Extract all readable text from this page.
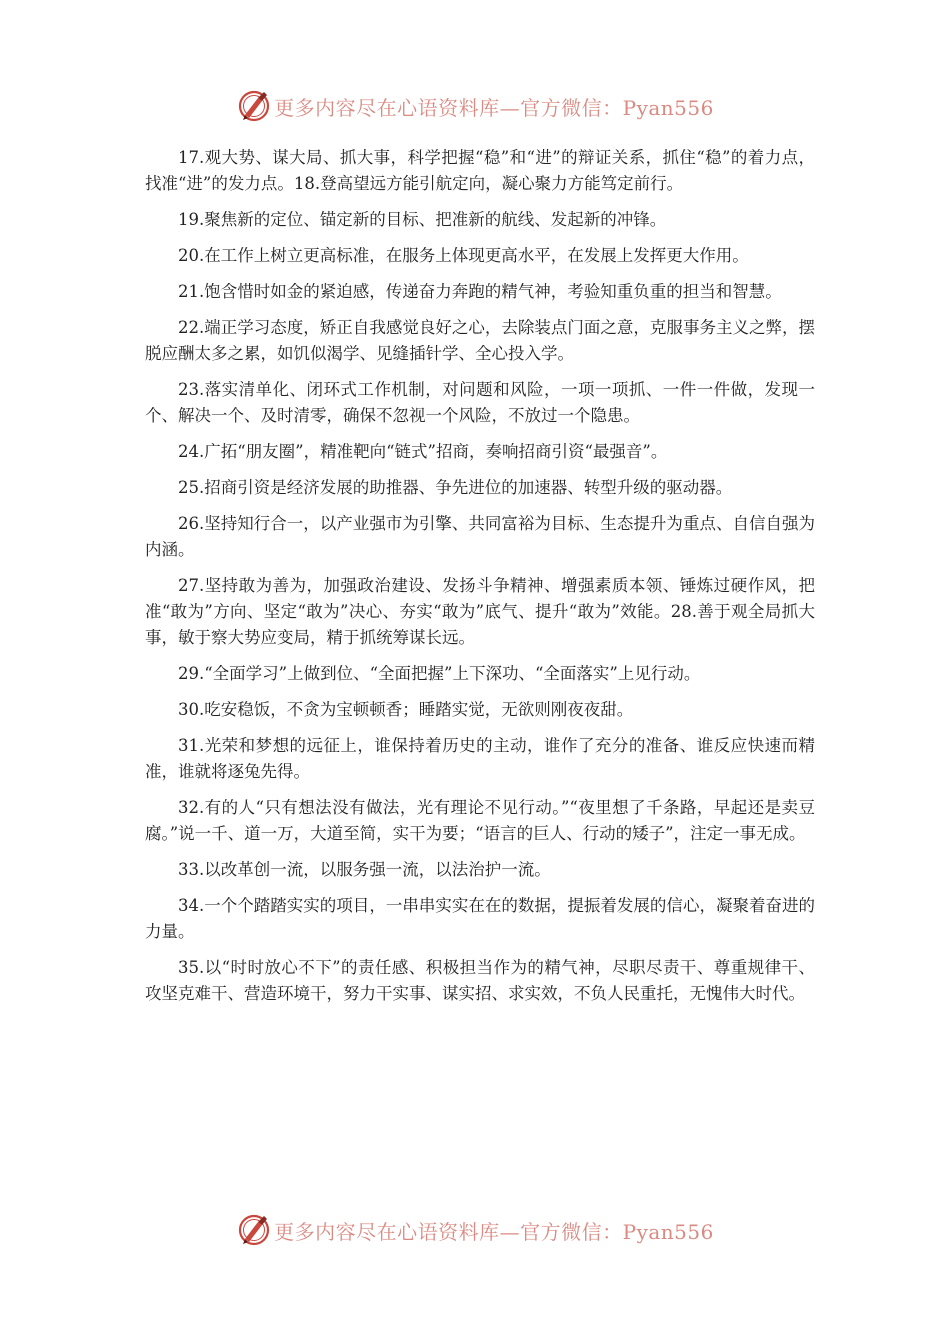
更多内容尽在心语资料库—官方微信：Pyan556

17.观大势、谋大局、抓大事，科学把握“稳”和“进”的辩证关系，抓住“稳”的着力点，找准“进”的发力点。18.登高望远方能引航定向，凝心聚力方能笃定前行。

19.聚焦新的定位、锚定新的目标、把准新的航线、发起新的冲锋。

20.在工作上树立更高标准，在服务上体现更高水平，在发展上发挥更大作用。

21.饱含惜时如金的紧迫感，传递奋力奔跑的精气神，考验知重负重的担当和智慧。

22.端正学习态度，矫正自我感觉良好之心，去除装点门面之意，克服事务主义之弊，摆脱应酬太多之累，如饥似渴学、见缝插针学、全心投入学。

23.落实清单化、闭环式工作机制，对问题和风险，一项一项抓、一件一件做，发现一个、解决一个、及时清零，确保不忽视一个风险，不放过一个隐患。

24.广拓“朋友圈”，精准靶向“链式”招商，奏响招商引资“最强音”。

25.招商引资是经济发展的助推器、争先进位的加速器、转型升级的驱动器。

26.坚持知行合一，以产业强市为引擎、共同富裕为目标、生态提升为重点、自信自强为内涵。

27.坚持敢为善为，加强政治建设、发扬斗争精神、增强素质本领、锤炼过硬作风，把准“敢为”方向、坚定“敢为”决心、夯实“敢为”底气、提升“敢为”效能。28.善于观全局抓大事，敏于察大势应变局，精于抓统筹谋长远。

29.“全面学习”上做到位、“全面把握”上下深功、“全面落实”上见行动。

30.吃安稳饭，不贪为宝顿顿香；睡踏实觉，无欲则刚夜夜甜。

31.光荣和梦想的远征上，谁保持着历史的主动，谁作了充分的准备、谁反应快速而精准，谁就将逐兔先得。

32.有的人“只有想法没有做法，光有理论不见行动。”“夜里想了千条路，早起还是卖豆腐。”说一千、道一万，大道至简，实干为要；“语言的巨人、行动的矮子”，注定一事无成。

33.以改革创一流，以服务强一流，以法治护一流。

34.一个个踏踏实实的项目，一串串实实在在的数据，提振着发展的信心，凝聚着奋进的力量。

35.以“时时放心不下”的责任感、积极担当作为的精气神，尽职尽责干、尊重规律干、攻坚克难干、营造环境干，努力干实事、谋实招、求实效，不负人民重托，无愧伟大时代。

更多内容尽在心语资料库—官方微信：Pyan556
